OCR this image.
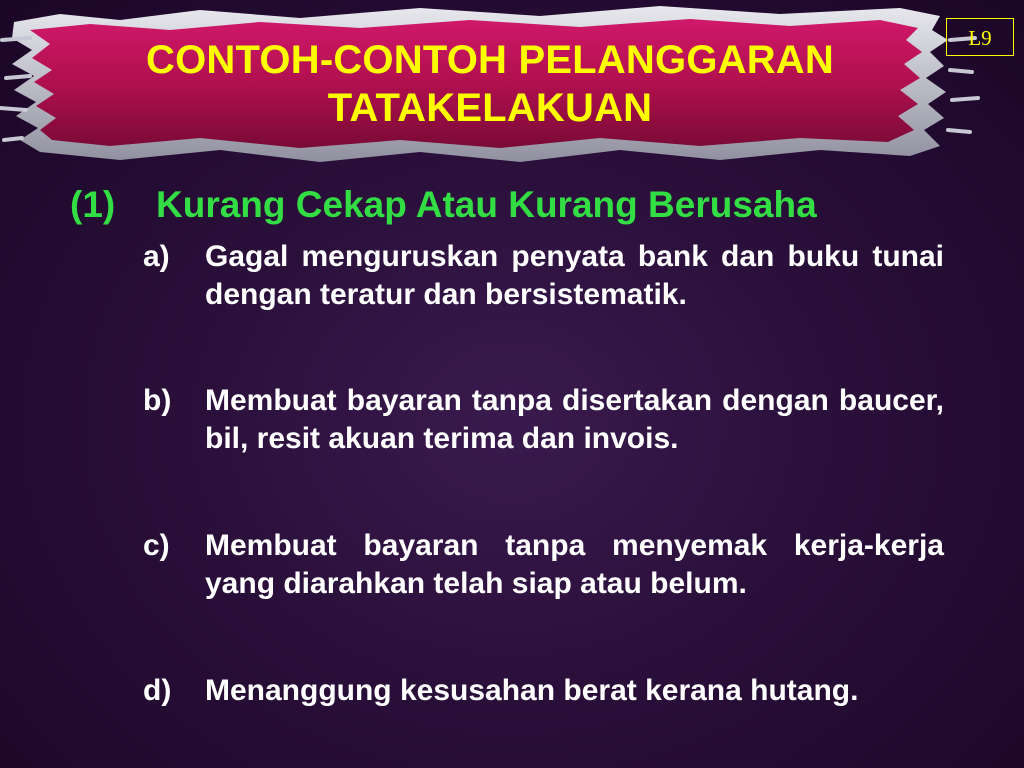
CONTOH-CONTOH PELANGGARAN
TATAKELAKUAN
L9
(1) Kurang Cekap Atau Kurang Berusaha
a)	Gagal menguruskan penyata bank dan buku tunai dengan teratur dan bersistematik.
b)	Membuat bayaran tanpa disertakan dengan baucer, bil, resit akuan terima dan invois.
c)	Membuat bayaran tanpa menyemak kerja-kerja yang diarahkan telah siap atau belum.
d)	Menanggung kesusahan berat kerana hutang.
